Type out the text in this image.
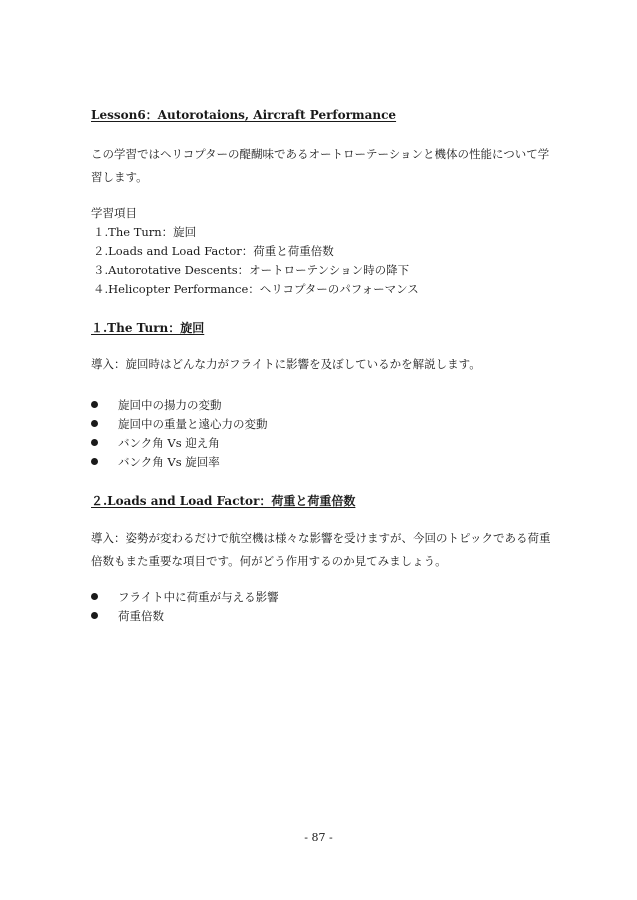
Lesson6：Autorotaions, Aircraft Performance
この学習ではヘリコプターの醍醐味であるオートローテーションと機体の性能について学習します。
学習項目
１.The Turn：旋回
２.Loads and Load Factor：荷重と荷重倍数
３.Autorotative Descents：オートローテンション時の降下
４.Helicopter Performance：ヘリコプターのパフォーマンス
１.The Turn：旋回
導入：旋回時はどんな力がフライトに影響を及ぼしているかを解説します。
旋回中の揚力の変動
旋回中の重量と遠心力の変動
バンク角 Vs 迎え角
バンク角 Vs 旋回率
２.Loads and Load Factor：荷重と荷重倍数
導入：姿勢が変わるだけで航空機は様々な影響を受けますが、今回のトピックである荷重倍数もまた重要な項目です。何がどう作用するのか見てみましょう。
フライト中に荷重が与える影響
荷重倍数
- 87 -
